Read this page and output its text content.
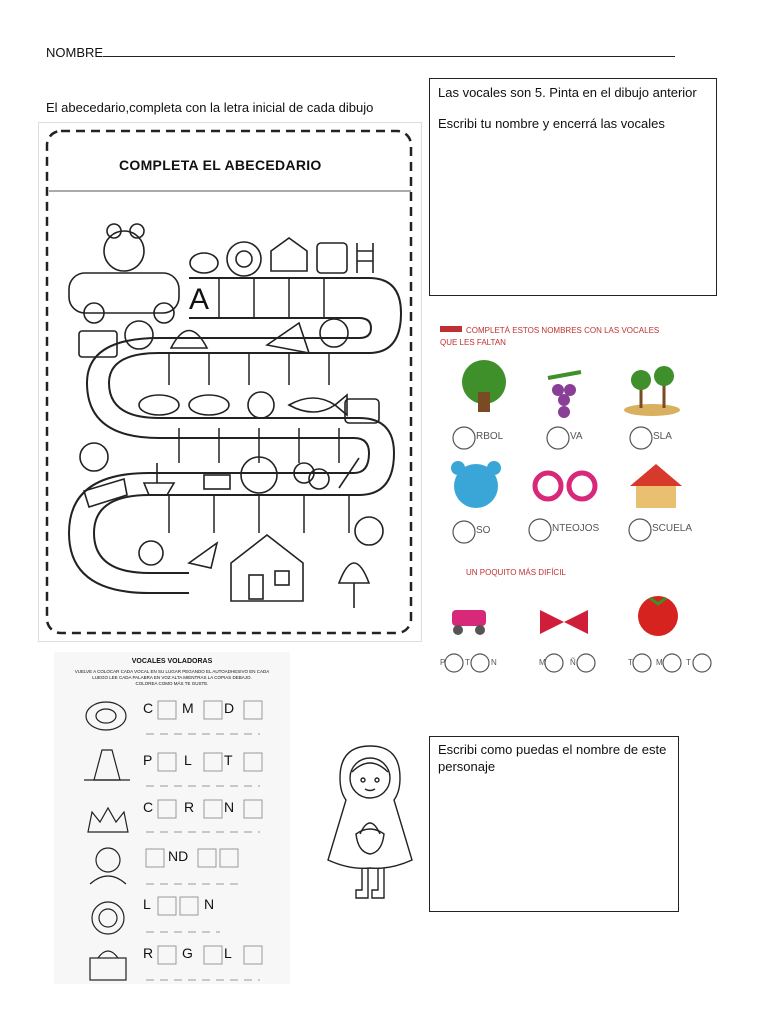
NOMBRE
El abecedario,completa con la letra inicial de cada dibujo
COMPLETA EL ABECEDARIO
A

Las vocales son 5. Pinta en el dibujo anterior

Escribi tu nombre y encerrá las vocales

COMPLETÁ ESTOS NOMBRES CON LAS VOCALES
QUE LES FALTAN
RBOL	VA	SLA
SO	NTEOJOS	SCUELA
UN POQUITO MÁS DIFÍCIL
P T	N	M	Ñ	T	M	T
VOCALES VOLADORAS
VUELVE A COLOCAR CADA VOCAL EN SU LUGAR PEGANDO EL AUTOADHESIVO EN CADA
LUEGO LEE CADA PALABRA EN VOZ ALTA MIENTRAS LA COPIAS DEBAJO.
COLOREA COMO MÁS TE GUSTE.
C M D
P L T
C R N
ND
L	N
R G L

Escribi como puedas el nombre de este personaje
